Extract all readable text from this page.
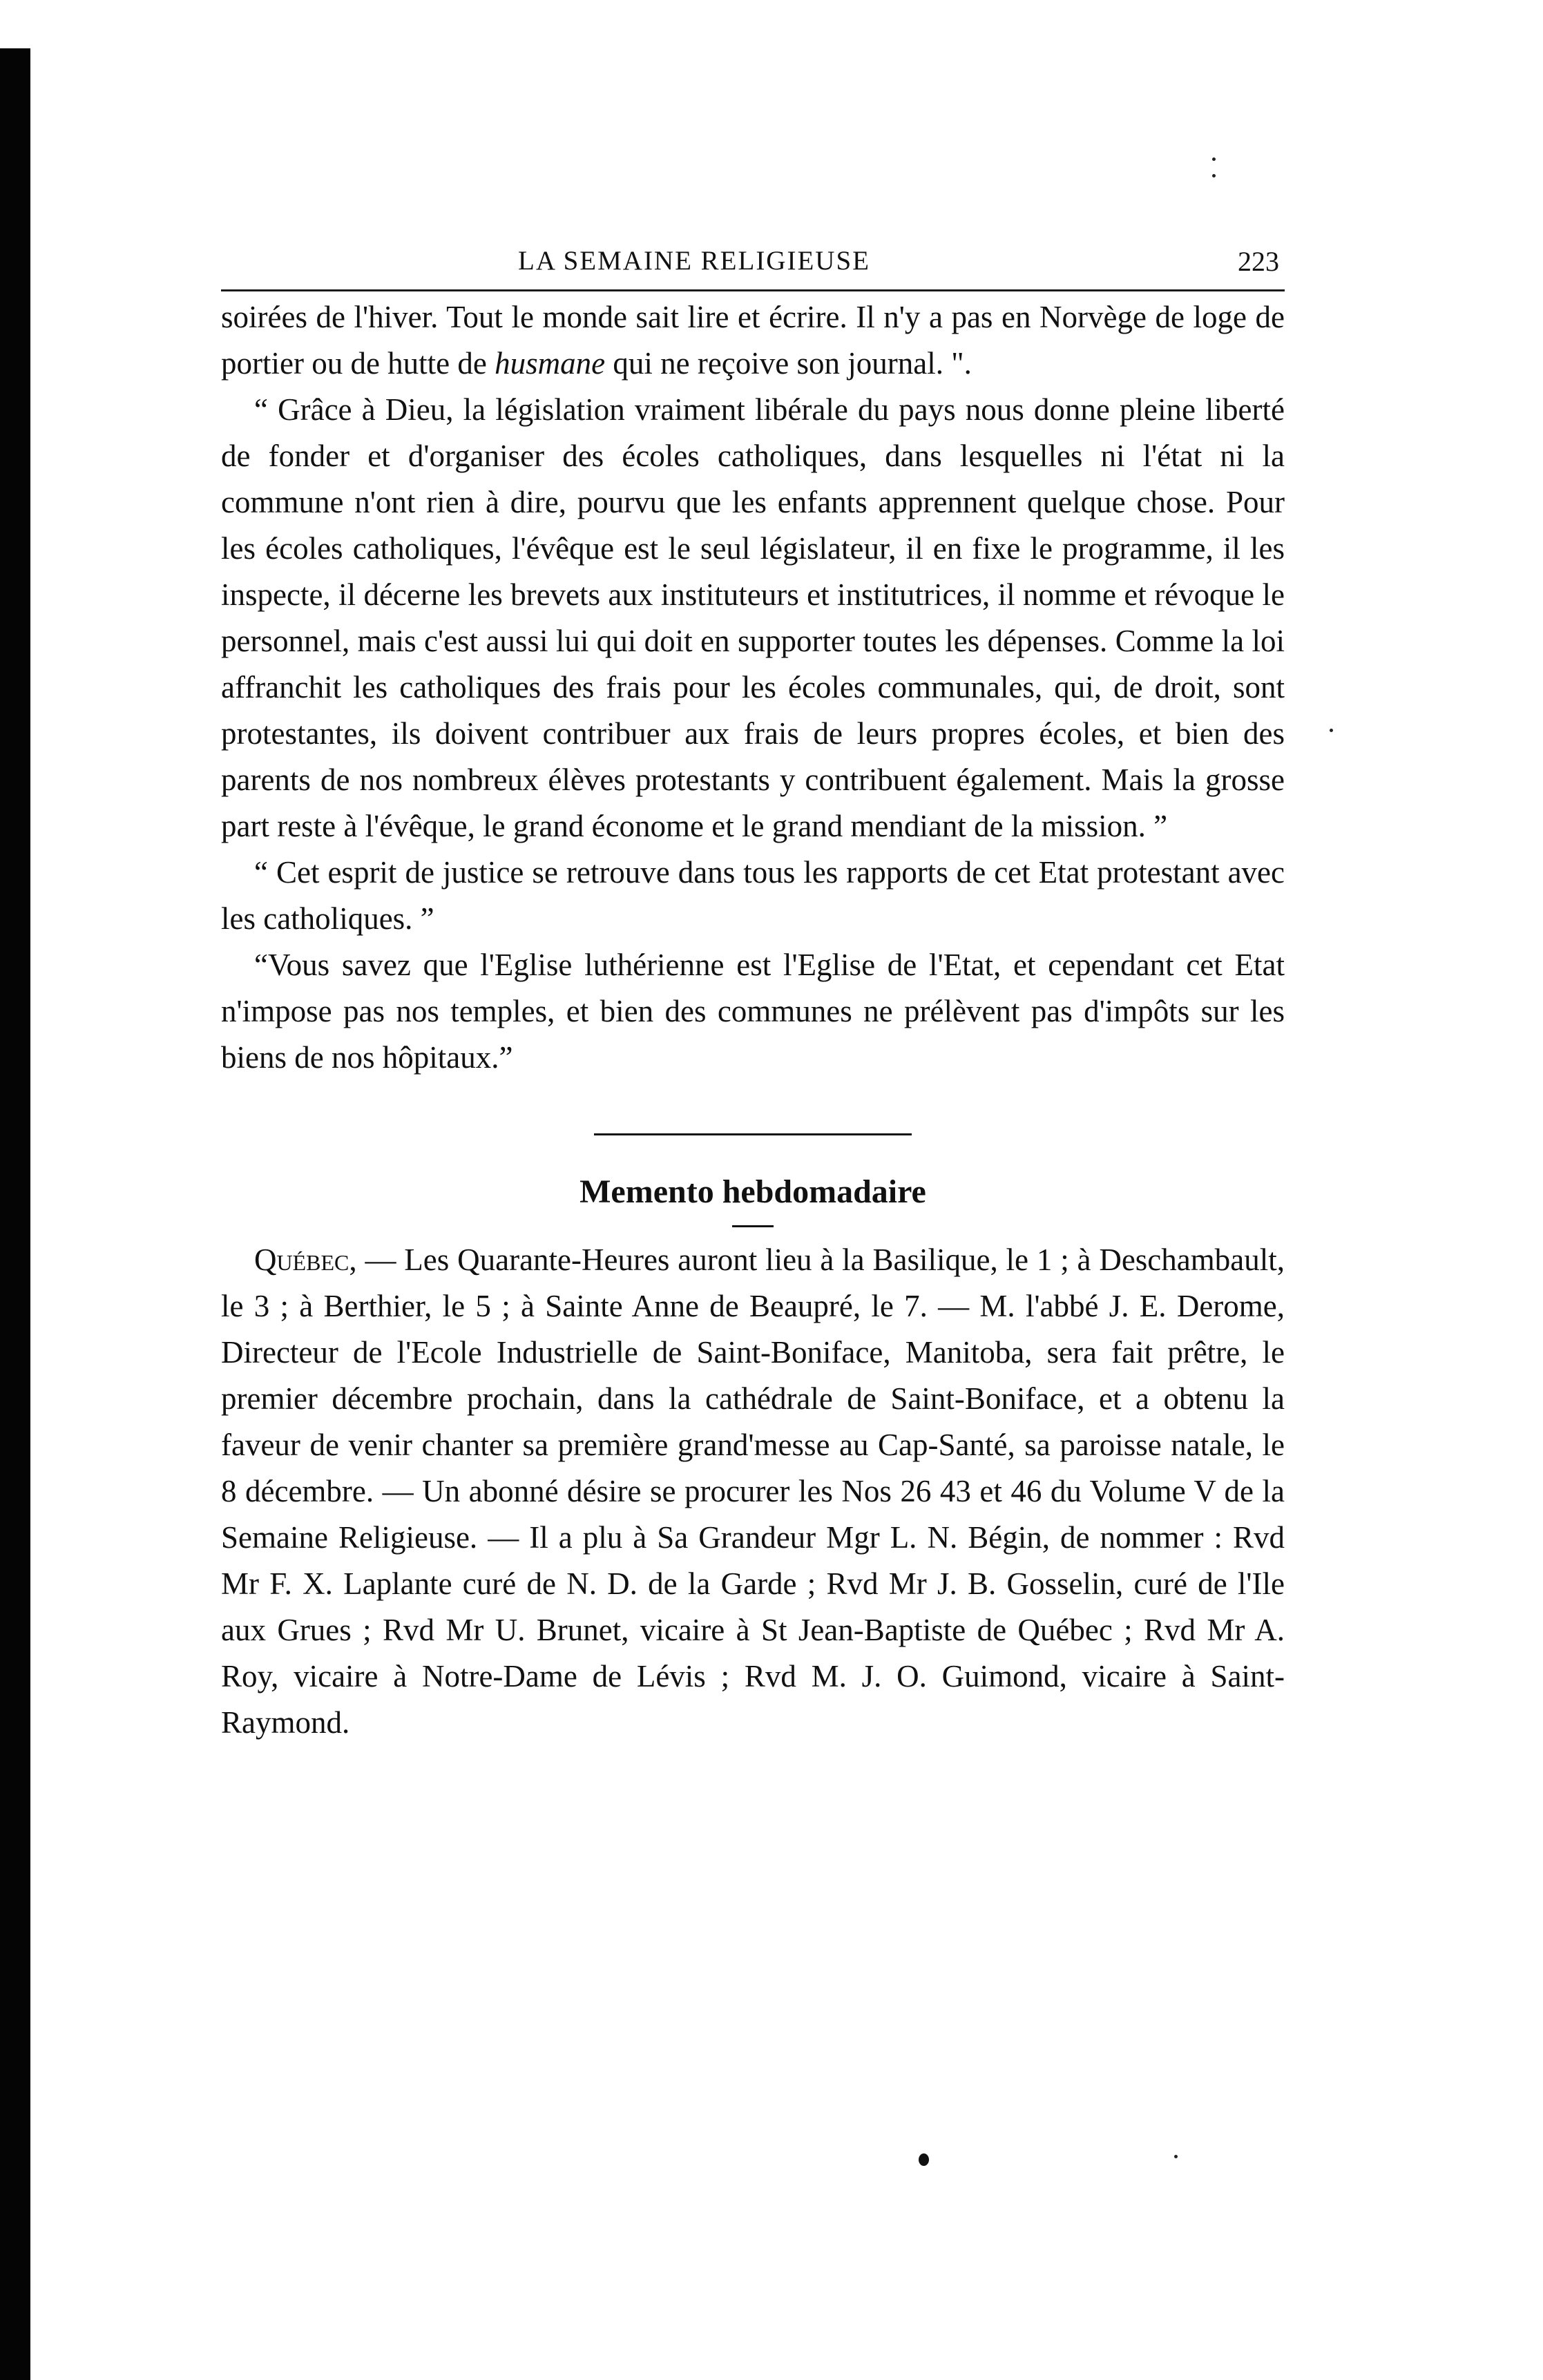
LA SEMAINE RELIGIEUSE	223

soirées de l'hiver. Tout le monde sait lire et écrire. Il n'y a pas en Norvège de loge de portier ou de hutte de husmane qui ne reçoive son journal. ".

“ Grâce à Dieu, la législation vraiment libérale du pays nous donne pleine liberté de fonder et d'organiser des écoles catholiques, dans lesquelles ni l'état ni la commune n'ont rien à dire, pourvu que les enfants apprennent quelque chose. Pour les écoles catholiques, l'évêque est le seul législateur, il en fixe le programme, il les inspecte, il décerne les brevets aux instituteurs et institutrices, il nomme et révoque le personnel, mais c'est aussi lui qui doit en supporter toutes les dépenses. Comme la loi affranchit les catholiques des frais pour les écoles communales, qui, de droit, sont protestantes, ils doivent contribuer aux frais de leurs propres écoles, et bien des parents de nos nombreux élèves protestants y contribuent également. Mais la grosse part reste à l'évêque, le grand économe et le grand mendiant de la mission. ”

“ Cet esprit de justice se retrouve dans tous les rapports de cet Etat protestant avec les catholiques. ”

“Vous savez que l'Eglise luthérienne est l'Eglise de l'Etat, et cependant cet Etat n'impose pas nos temples, et bien des communes ne prélèvent pas d'impôts sur les biens de nos hôpitaux.”

Memento hebdomadaire

Québec, — Les Quarante-Heures auront lieu à la Basilique, le 1 ; à Deschambault, le 3 ; à Berthier, le 5 ; à Sainte Anne de Beaupré, le 7. — M. l'abbé J. E. Derome, Directeur de l'Ecole Industrielle de Saint-Boniface, Manitoba, sera fait prêtre, le premier décembre prochain, dans la cathédrale de Saint-Boniface, et a obtenu la faveur de venir chanter sa première grand'messe au Cap-Santé, sa paroisse natale, le 8 décembre. — Un abonné désire se procurer les Nos 26 43 et 46 du Volume V de la Semaine Religieuse. — Il a plu à Sa Grandeur Mgr L. N. Bégin, de nommer : Rvd Mr F. X. Laplante curé de N. D. de la Garde ; Rvd Mr J. B. Gosselin, curé de l'Ile aux Grues ; Rvd Mr U. Brunet, vicaire à St Jean-Baptiste de Québec ; Rvd Mr A. Roy, vicaire à Notre-Dame de Lévis ; Rvd M. J. O. Guimond, vicaire à Saint-Raymond.
